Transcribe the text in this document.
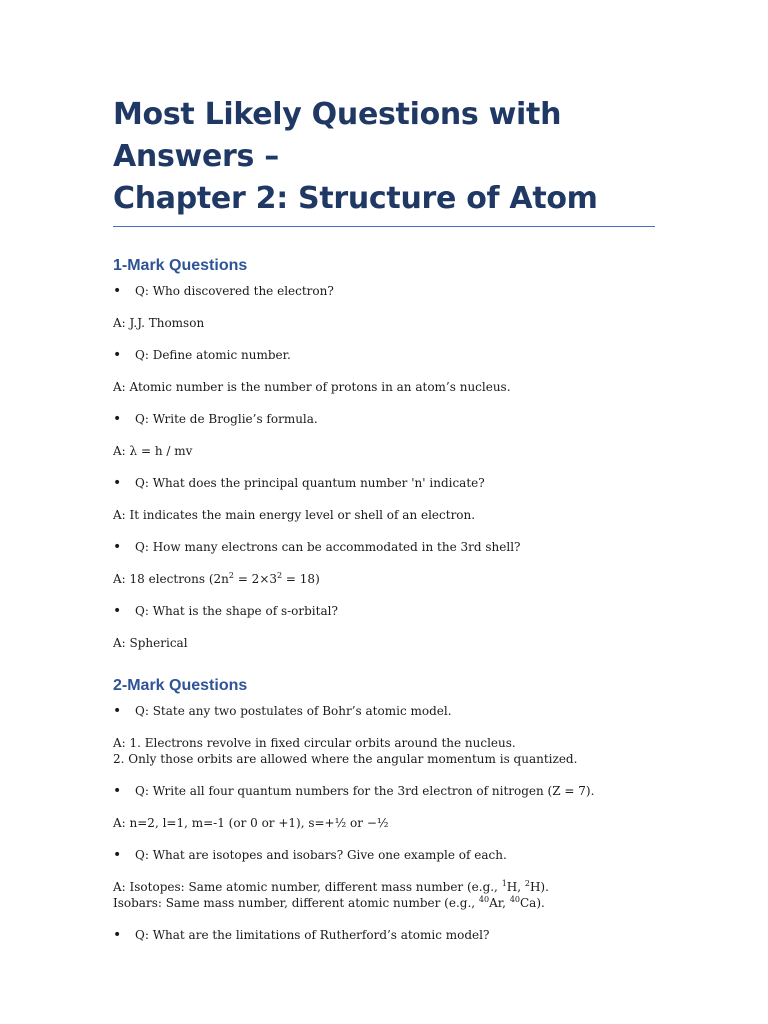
Most Likely Questions with Answers –
Chapter 2: Structure of Atom
1-Mark Questions
• Q: Who discovered the electron?
A: J.J. Thomson
• Q: Define atomic number.
A: Atomic number is the number of protons in an atom’s nucleus.
• Q: Write de Broglie’s formula.
A: λ = h / mv
• Q: What does the principal quantum number 'n' indicate?
A: It indicates the main energy level or shell of an electron.
• Q: How many electrons can be accommodated in the 3rd shell?
A: 18 electrons $(2n^2 = 2\times 3^2 = 18)$
• Q: What is the shape of s-orbital?
A: Spherical
2-Mark Questions
• Q: State any two postulates of Bohr’s atomic model.
A: 1. Electrons revolve in fixed circular orbits around the nucleus.
2. Only those orbits are allowed where the angular momentum is quantized.
• Q: Write all four quantum numbers for the 3rd electron of nitrogen (Z = 7).
A: n=2, l=1, m=-1 (or 0 or +1), s=+½ or −½
• Q: What are isotopes and isobars? Give one example of each.
A: Isotopes: Same atomic number, different mass number (e.g., $^1$H, $^2$H).
Isobars: Same mass number, different atomic number (e.g., $^{40}$Ar, $^{40}$Ca).
• Q: What are the limitations of Rutherford’s atomic model?
